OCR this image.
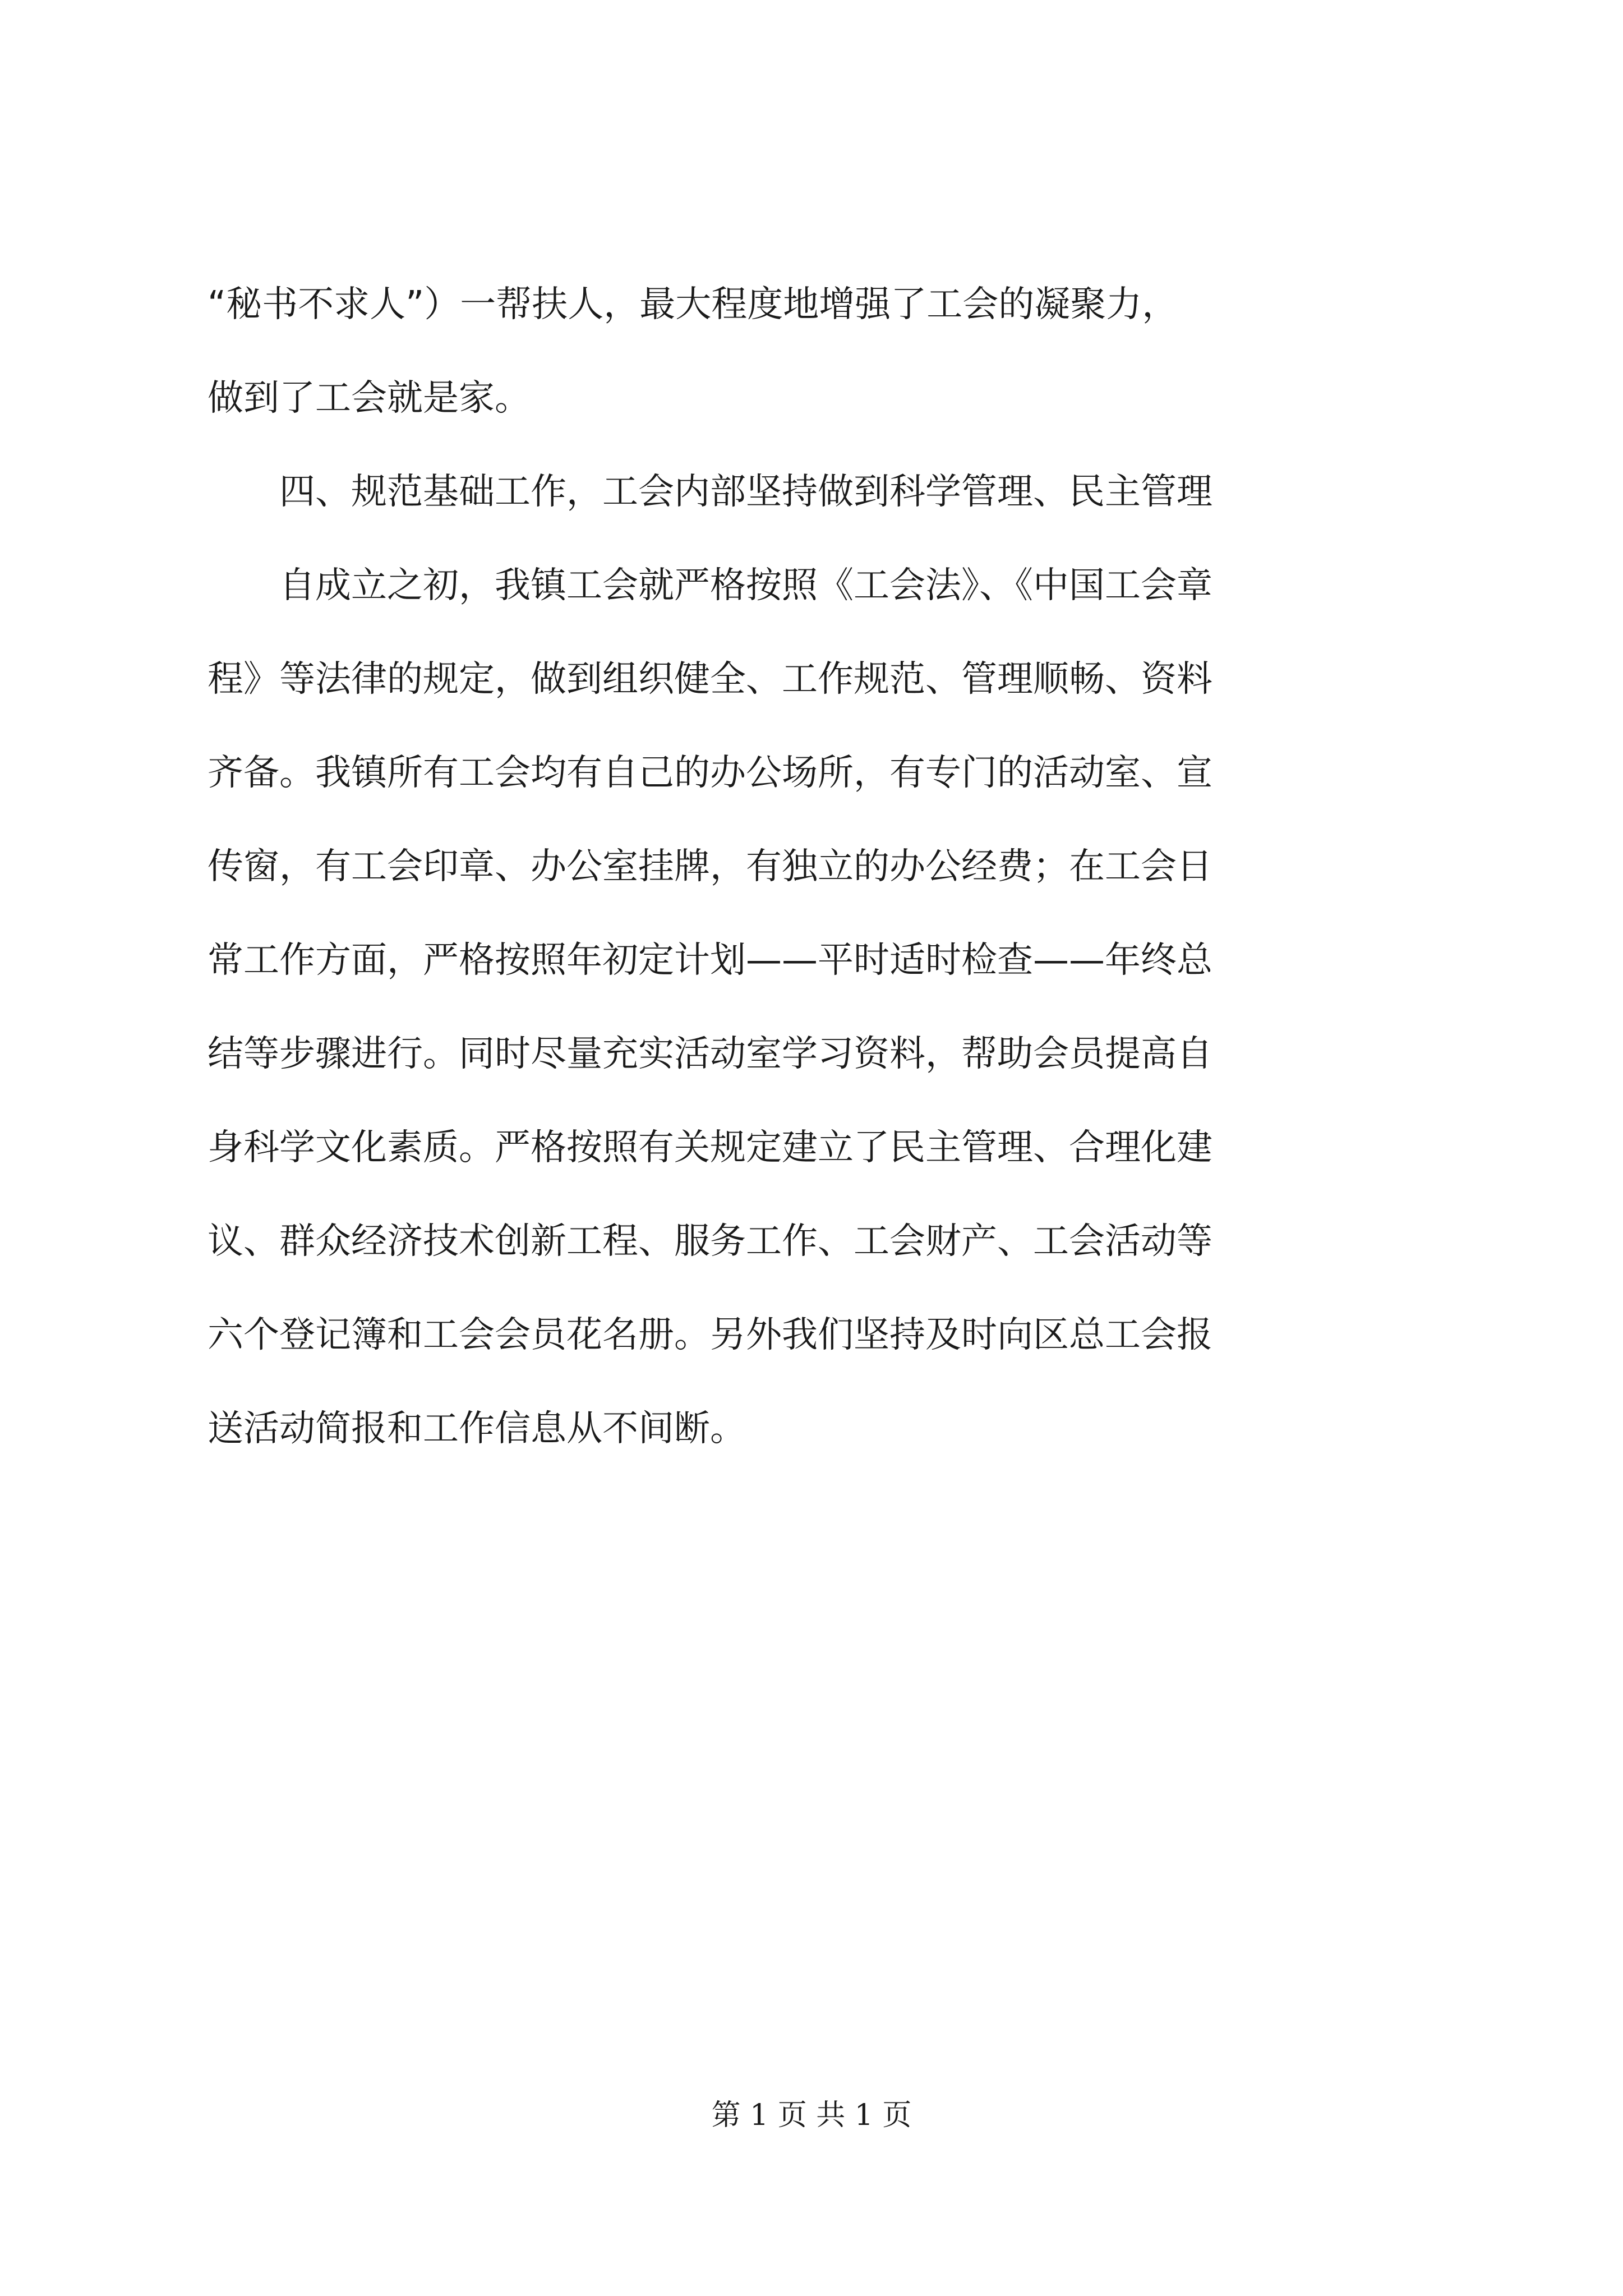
“秘书不求人”）一帮扶人，最大程度地增强了工会的凝聚力，
做到了工会就是家。
　　四、规范基础工作，工会内部坚持做到科学管理、民主管理
　　自成立之初，我镇工会就严格按照《工会法》、《中国工会章
程》等法律的规定，做到组织健全、工作规范、管理顺畅、资料
齐备。我镇所有工会均有自己的办公场所，有专门的活动室、宣
传窗，有工会印章、办公室挂牌，有独立的办公经费；在工会日
常工作方面，严格按照年初定计划——平时适时检查——年终总
结等步骤进行。同时尽量充实活动室学习资料，帮助会员提高自
身科学文化素质。严格按照有关规定建立了民主管理、合理化建
议、群众经济技术创新工程、服务工作、工会财产、工会活动等
六个登记簿和工会会员花名册。另外我们坚持及时向区总工会报
送活动简报和工作信息从不间断。
第 1 页 共 1 页
